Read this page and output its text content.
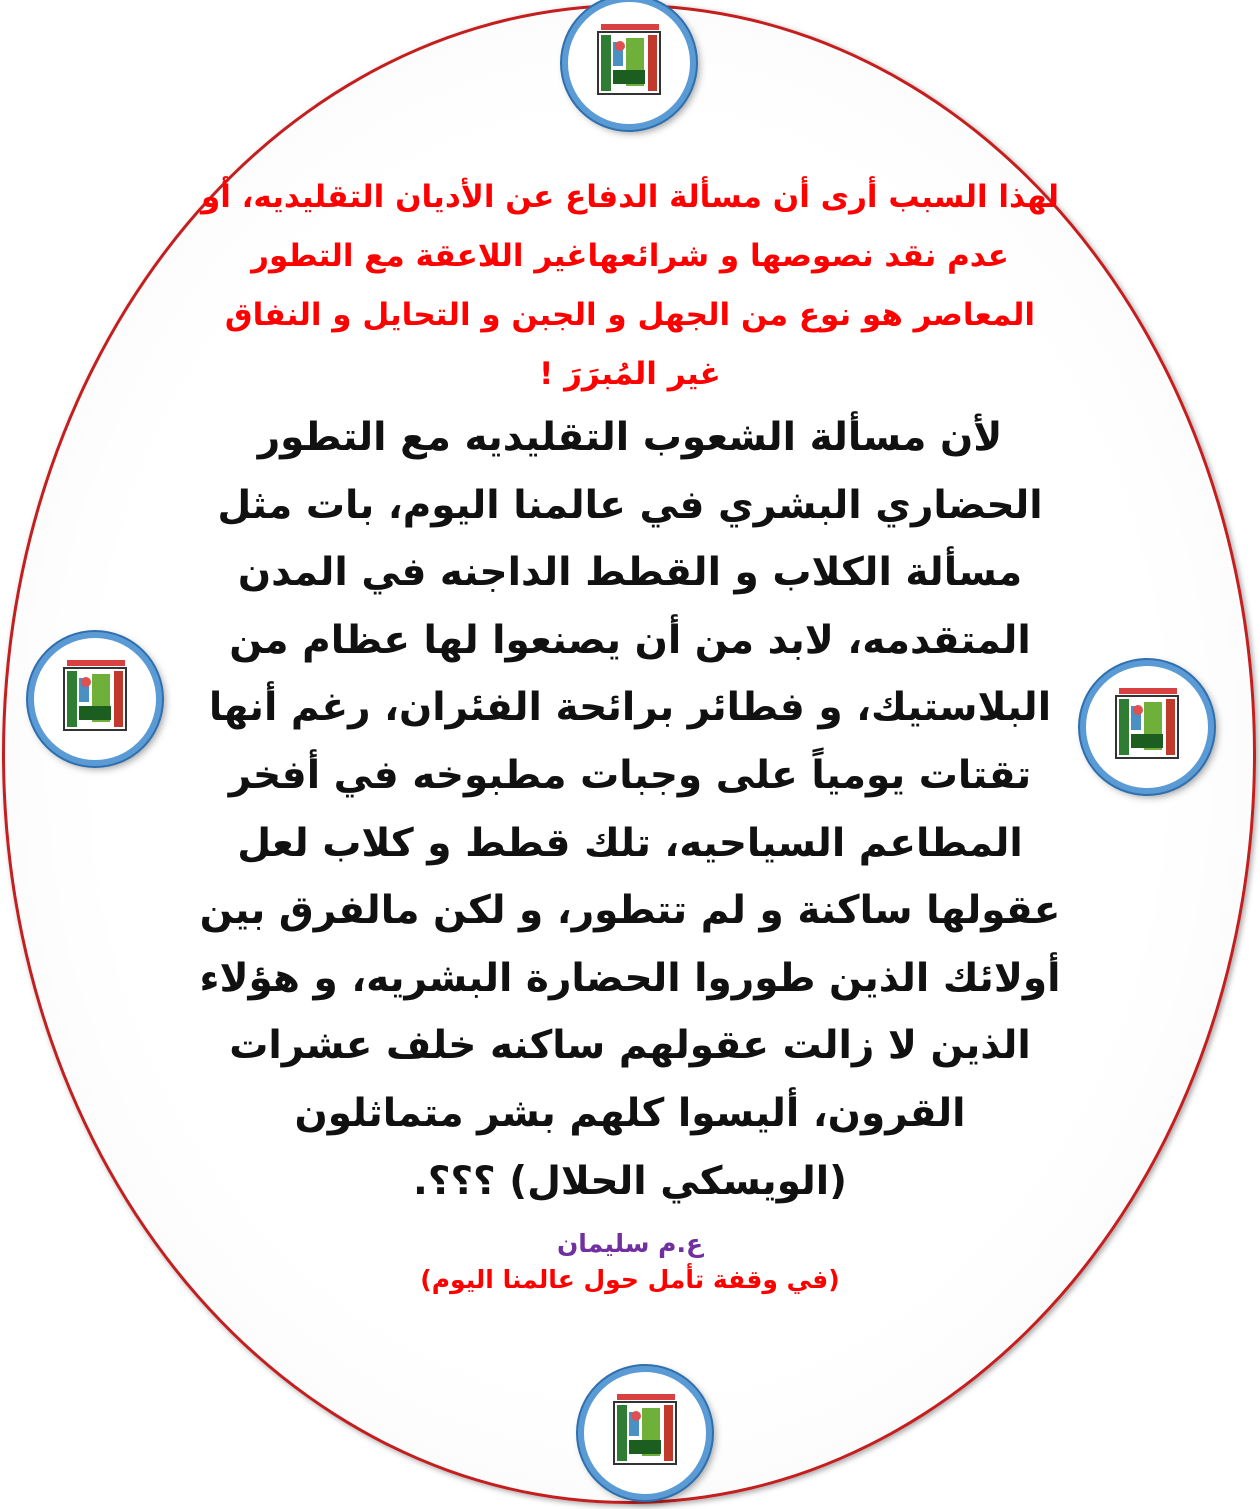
لهذا السبب أرى أن مسألة الدفاع عن الأديان التقليديه، أو عدم نقد نصوصها و شرائعهاغير اللاعقة مع التطور المعاصر هو نوع من الجهل و الجبن و التحايل و النفاق غير المُبرَرَ !

لأن مسألة الشعوب التقليديه مع التطور الحضاري البشري في عالمنا اليوم، بات مثل مسألة الكلاب و القطط الداجنه في المدن المتقدمه، لابد من أن يصنعوا لها عظام من البلاستيك، و فطائر برائحة الفئران، رغم أنها تقتات يومياً على وجبات مطبوخه في أفخر المطاعم السياحيه، تلك قطط و كلاب لعل عقولها ساكنة و لم تتطور، و لكن مالفرق بين أولائك الذين طوروا الحضارة البشريه، و هؤلاء الذين لا زالت عقولهم ساكنه خلف عشرات القرون، أليسوا كلهم بشر متماثلون (الويسكي الحلال) ؟؟؟.

ع.م سليمان

(في وقفة تأمل حول عالمنا اليوم)
